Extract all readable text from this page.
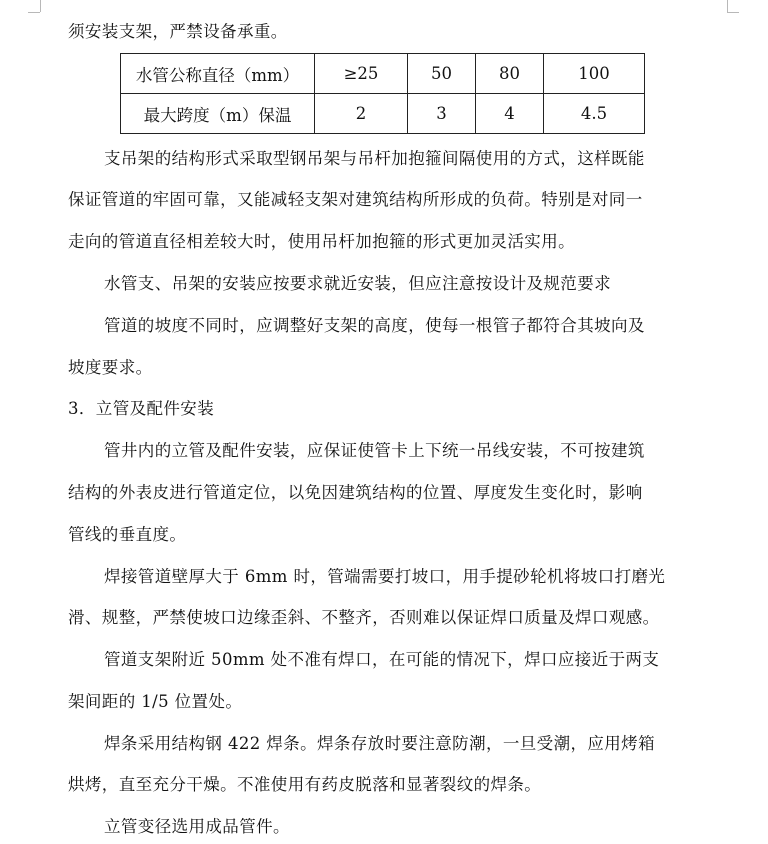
须安装支架，严禁设备承重。
水管公称直径（mm）	≥25	50	80	100
最大跨度（m）保温	2	3	4	4.5
支吊架的结构形式采取型钢吊架与吊杆加抱箍间隔使用的方式，这样既能
保证管道的牢固可靠，又能减轻支架对建筑结构所形成的负荷。特别是对同一
走向的管道直径相差较大时，使用吊杆加抱箍的形式更加灵活实用。
水管支、吊架的安装应按要求就近安装，但应注意按设计及规范要求
管道的坡度不同时，应调整好支架的高度，使每一根管子都符合其坡向及
坡度要求。
3．立管及配件安装
管井内的立管及配件安装，应保证使管卡上下统一吊线安装，不可按建筑
结构的外表皮进行管道定位，以免因建筑结构的位置、厚度发生变化时，影响
管线的垂直度。
焊接管道壁厚大于 6mm 时，管端需要打坡口，用手提砂轮机将坡口打磨光
滑、规整，严禁使坡口边缘歪斜、不整齐，否则难以保证焊口质量及焊口观感。
管道支架附近 50mm 处不准有焊口，在可能的情况下，焊口应接近于两支
架间距的 1/5 位置处。
焊条采用结构钢 422 焊条。焊条存放时要注意防潮，一旦受潮，应用烤箱
烘烤，直至充分干燥。不准使用有药皮脱落和显著裂纹的焊条。
立管变径选用成品管件。
